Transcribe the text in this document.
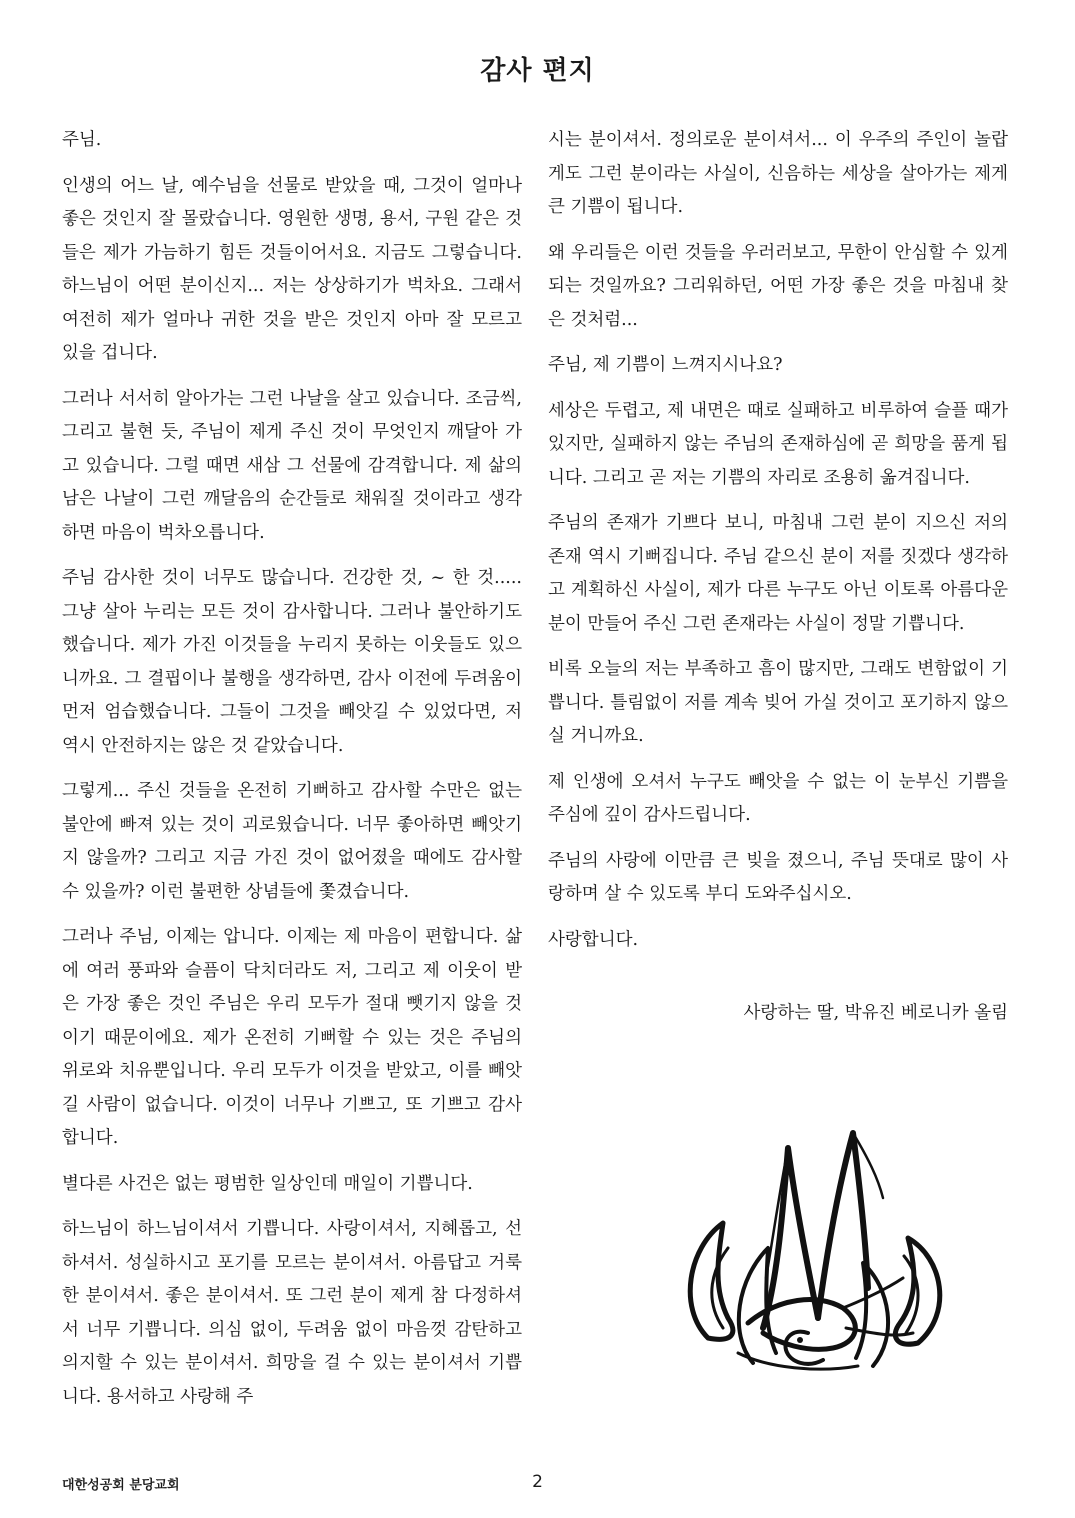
감사 편지

주님.

인생의 어느 날, 예수님을 선물로 받았을 때, 그것이 얼마나 좋은 것인지 잘 몰랐습니다. 영원한 생명, 용서, 구원 같은 것들은 제가 가늠하기 힘든 것들이어서요. 지금도 그렇습니다. 하느님이 어떤 분이신지... 저는 상상하기가 벅차요. 그래서 여전히 제가 얼마나 귀한 것을 받은 것인지 아마 잘 모르고 있을 겁니다.

그러나 서서히 알아가는 그런 나날을 살고 있습니다. 조금씩, 그리고 불현 듯, 주님이 제게 주신 것이 무엇인지 깨달아 가고 있습니다. 그럴 때면 새삼 그 선물에 감격합니다. 제 삶의 남은 나날이 그런 깨달음의 순간들로 채워질 것이라고 생각하면 마음이 벅차오릅니다.

주님 감사한 것이 너무도 많습니다. 건강한 것, ~ 한 것..... 그냥 살아 누리는 모든 것이 감사합니다. 그러나 불안하기도 했습니다. 제가 가진 이것들을 누리지 못하는 이웃들도 있으니까요. 그 결핍이나 불행을 생각하면, 감사 이전에 두려움이 먼저 엄습했습니다. 그들이 그것을 빼앗길 수 있었다면, 저 역시 안전하지는 않은 것 같았습니다.

그렇게... 주신 것들을 온전히 기뻐하고 감사할 수만은 없는 불안에 빠져 있는 것이 괴로웠습니다. 너무 좋아하면 빼앗기지 않을까? 그리고 지금 가진 것이 없어졌을 때에도 감사할 수 있을까? 이런 불편한 상념들에 쫓겼습니다.

그러나 주님, 이제는 압니다. 이제는 제 마음이 편합니다. 삶에 여러 풍파와 슬픔이 닥치더라도 저, 그리고 제 이웃이 받은 가장 좋은 것인 주님은 우리 모두가 절대 뺏기지 않을 것이기 때문이에요. 제가 온전히 기뻐할 수 있는 것은 주님의 위로와 치유뿐입니다. 우리 모두가 이것을 받았고, 이를 빼앗길 사람이 없습니다. 이것이 너무나 기쁘고, 또 기쁘고 감사합니다.

별다른 사건은 없는 평범한 일상인데 매일이 기쁩니다.

하느님이 하느님이셔서 기쁩니다. 사랑이셔서, 지혜롭고, 선하셔서. 성실하시고 포기를 모르는 분이셔서. 아름답고 거룩한 분이셔서. 좋은 분이셔서. 또 그런 분이 제게 참 다정하셔서 너무 기쁩니다. 의심 없이, 두려움 없이 마음껏 감탄하고 의지할 수 있는 분이셔서. 희망을 걸 수 있는 분이셔서 기쁩니다. 용서하고 사랑해 주

시는 분이셔서. 정의로운 분이셔서... 이 우주의 주인이 놀랍게도 그런 분이라는 사실이, 신음하는 세상을 살아가는 제게 큰 기쁨이 됩니다.

왜 우리들은 이런 것들을 우러러보고, 무한이 안심할 수 있게 되는 것일까요? 그리워하던, 어떤 가장 좋은 것을 마침내 찾은 것처럼...

주님, 제 기쁨이 느껴지시나요?

세상은 두렵고, 제 내면은 때로 실패하고 비루하여 슬플 때가 있지만, 실패하지 않는 주님의 존재하심에 곧 희망을 품게 됩니다. 그리고 곧 저는 기쁨의 자리로 조용히 옮겨집니다.

주님의 존재가 기쁘다 보니, 마침내 그런 분이 지으신 저의 존재 역시 기뻐집니다. 주님 같으신 분이 저를 짓겠다 생각하고 계획하신 사실이, 제가 다른 누구도 아닌 이토록 아름다운 분이 만들어 주신 그런 존재라는 사실이 정말 기쁩니다.

비록 오늘의 저는 부족하고 흠이 많지만, 그래도 변함없이 기쁩니다. 틀림없이 저를 계속 빚어 가실 것이고 포기하지 않으실 거니까요.

제 인생에 오셔서 누구도 빼앗을 수 없는 이 눈부신 기쁨을 주심에 깊이 감사드립니다.

주님의 사랑에 이만큼 큰 빚을 졌으니, 주님 뜻대로 많이 사랑하며 살 수 있도록 부디 도와주십시오.

사랑합니다.

사랑하는 딸, 박유진 베로니카 올림

대한성공회 분당교회	2
